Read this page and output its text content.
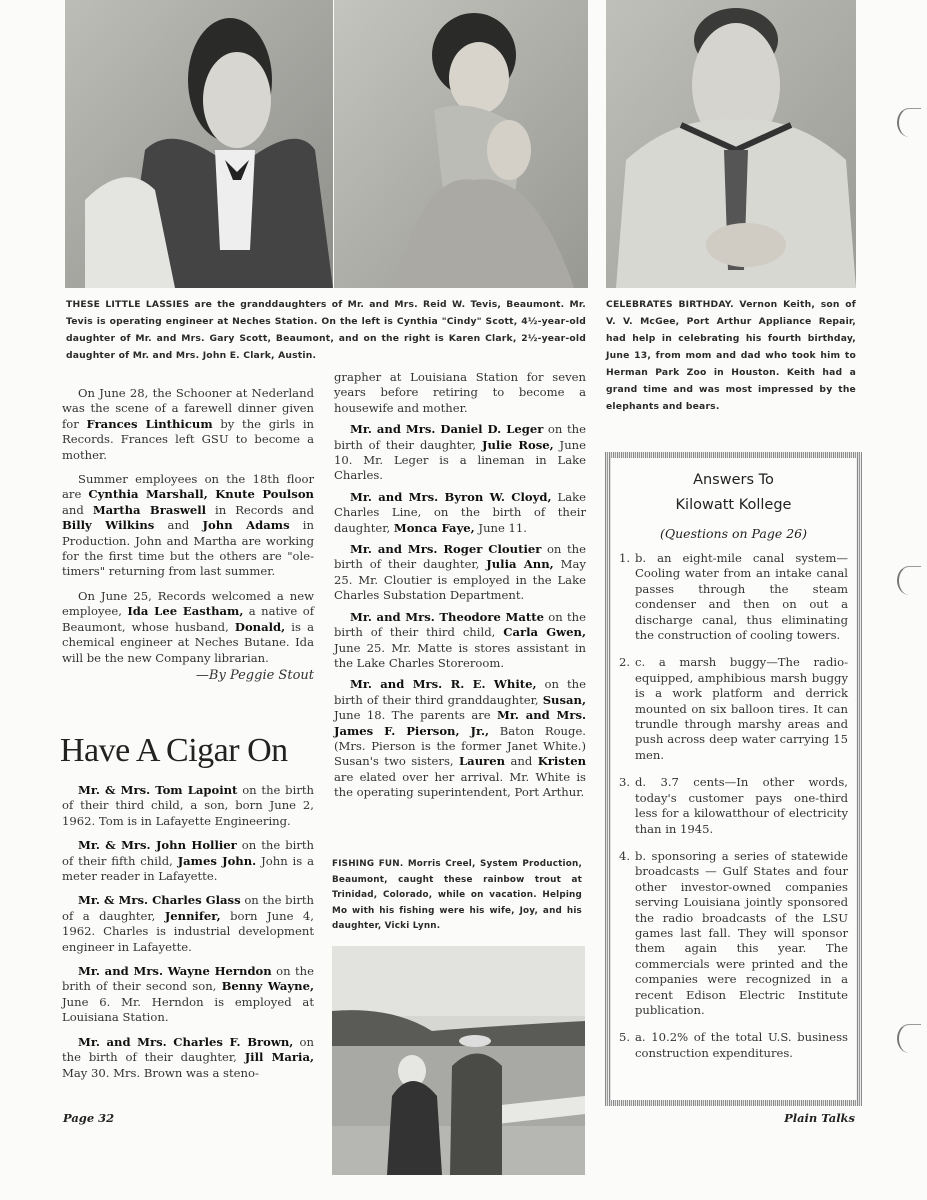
THESE LITTLE LASSIES are the granddaughters of Mr. and Mrs. Reid W. Tevis, Beaumont. Mr. Tevis is operating engineer at Neches Station. On the left is Cynthia "Cindy" Scott, 4½-year-old daughter of Mr. and Mrs. Gary Scott, Beaumont, and on the right is Karen Clark, 2½-year-old daughter of Mr. and Mrs. John E. Clark, Austin.
CELEBRATES BIRTHDAY. Vernon Keith, son of V. V. McGee, Port Arthur Appliance Repair, had help in celebrating his fourth birthday, June 13, from mom and dad who took him to Herman Park Zoo in Houston. Keith had a grand time and was most impressed by the elephants and bears.

On June 28, the Schooner at Nederland was the scene of a farewell dinner given for Frances Linthicum by the girls in Records. Frances left GSU to become a mother.

Summer employees on the 18th floor are Cynthia Marshall, Knute Poulson and Martha Braswell in Records and Billy Wilkins and John Adams in Production. John and Martha are working for the first time but the others are "ole-timers" returning from last summer.

On June 25, Records welcomed a new employee, Ida Lee Eastham, a native of Beaumont, whose husband, Donald, is a chemical engineer at Neches Butane. Ida will be the new Company librarian.

—By Peggie Stout
Have A Cigar On

Mr. & Mrs. Tom Lapoint on the birth of their third child, a son, born June 2, 1962. Tom is in Lafayette Engineering.

Mr. & Mrs. John Hollier on the birth of their fifth child, James John. John is a meter reader in Lafayette.

Mr. & Mrs. Charles Glass on the birth of a daughter, Jennifer, born June 4, 1962. Charles is industrial development engineer in Lafayette.

Mr. and Mrs. Wayne Herndon on the brith of their second son, Benny Wayne, June 6. Mr. Herndon is employed at Louisiana Station.

Mr. and Mrs. Charles F. Brown, on the birth of their daughter, Jill Maria, May 30. Mrs. Brown was a steno-

grapher at Louisiana Station for seven years before retiring to become a housewife and mother.

Mr. and Mrs. Daniel D. Leger on the birth of their daughter, Julie Rose, June 10. Mr. Leger is a lineman in Lake Charles.

Mr. and Mrs. Byron W. Cloyd, Lake Charles Line, on the birth of their daughter, Monca Faye, June 11.

Mr. and Mrs. Roger Cloutier on the birth of their daughter, Julia Ann, May 25. Mr. Cloutier is employed in the Lake Charles Substation Department.

Mr. and Mrs. Theodore Matte on the birth of their third child, Carla Gwen, June 25. Mr. Matte is stores assistant in the Lake Charles Storeroom.

Mr. and Mrs. R. E. White, on the birth of their third granddaughter, Susan, June 18. The parents are Mr. and Mrs. James F. Pierson, Jr., Baton Rouge. (Mrs. Pierson is the former Janet White.) Susan's two sisters, Lauren and Kristen are elated over her arrival. Mr. White is the operating superintendent, Port Arthur.

FISHING FUN. Morris Creel, System Production, Beaumont, caught these rainbow trout at Trinidad, Colorado, while on vacation. Helping Mo with his fishing were his wife, Joy, and his daughter, Vicki Lynn.
Answers To
Kilowatt Kollege
(Questions on Page 26)
1. b. an eight-mile canal system—Cooling water from an intake canal passes through the steam condenser and then on out a discharge canal, thus eliminating the construction of cooling towers.
2. c. a marsh buggy—The radio-equipped, amphibious marsh buggy is a work platform and derrick mounted on six balloon tires. It can trundle through marshy areas and push across deep water carrying 15 men.
3. d. 3.7 cents—In other words, today's customer pays one-third less for a kilowatthour of electricity than in 1945.
4. b. sponsoring a series of statewide broadcasts — Gulf States and four other investor-owned companies serving Louisiana jointly sponsored the radio broadcasts of the LSU games last fall. They will sponsor them again this year. The commercials were printed and the companies were recognized in a recent Edison Electric Institute publication.
5. a. 10.2% of the total U.S. business construction expenditures.
Page 32	Plain Talks
